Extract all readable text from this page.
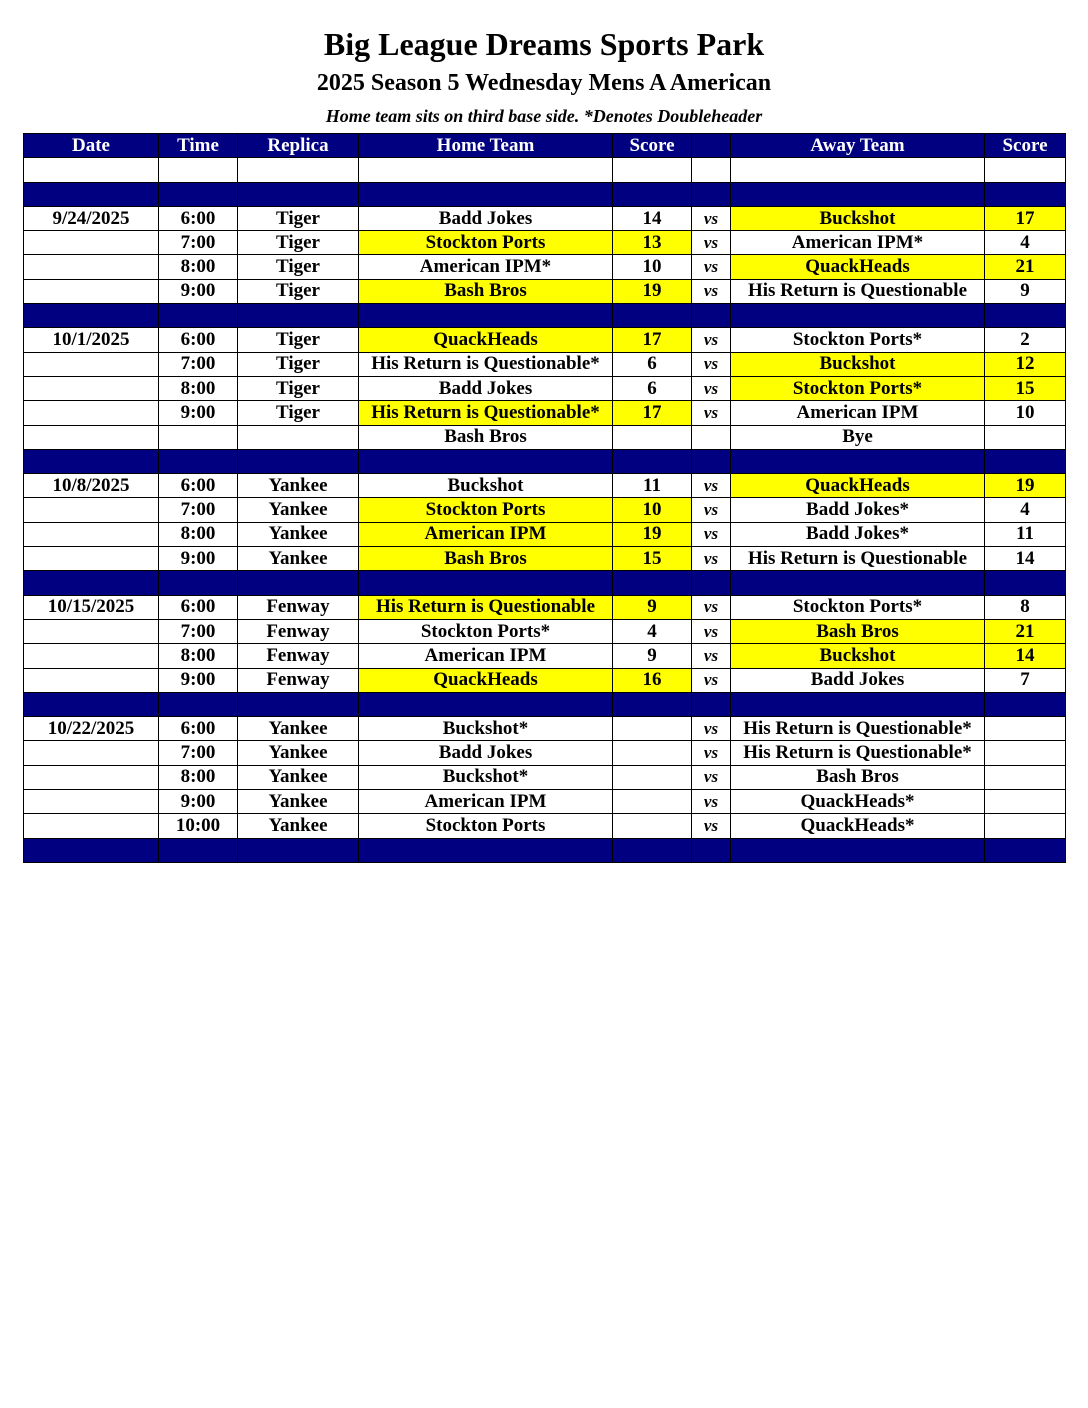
Big League Dreams Sports Park
2025 Season 5 Wednesday Mens A American
Home team sits on third base side. *Denotes Doubleheader
Date	Time	Replica	Home Team	Score		Away Team	Score

9/24/2025	6:00	Tiger	Badd Jokes	14	vs	Buckshot	17
	7:00	Tiger	Stockton Ports	13	vs	American IPM*	4
	8:00	Tiger	American IPM*	10	vs	QuackHeads	21
	9:00	Tiger	Bash Bros	19	vs	His Return is Questionable	9

10/1/2025	6:00	Tiger	QuackHeads	17	vs	Stockton Ports*	2
	7:00	Tiger	His Return is Questionable*	6	vs	Buckshot	12
	8:00	Tiger	Badd Jokes	6	vs	Stockton Ports*	15
	9:00	Tiger	His Return is Questionable*	17	vs	American IPM	10
			Bash Bros			Bye	

10/8/2025	6:00	Yankee	Buckshot	11	vs	QuackHeads	19
	7:00	Yankee	Stockton Ports	10	vs	Badd Jokes*	4
	8:00	Yankee	American IPM	19	vs	Badd Jokes*	11
	9:00	Yankee	Bash Bros	15	vs	His Return is Questionable	14

10/15/2025	6:00	Fenway	His Return is Questionable	9	vs	Stockton Ports*	8
	7:00	Fenway	Stockton Ports*	4	vs	Bash Bros	21
	8:00	Fenway	American IPM	9	vs	Buckshot	14
	9:00	Fenway	QuackHeads	16	vs	Badd Jokes	7

10/22/2025	6:00	Yankee	Buckshot*		vs	His Return is Questionable*	
	7:00	Yankee	Badd Jokes		vs	His Return is Questionable*	
	8:00	Yankee	Buckshot*		vs	Bash Bros	
	9:00	Yankee	American IPM		vs	QuackHeads*	
	10:00	Yankee	Stockton Ports		vs	QuackHeads*	
